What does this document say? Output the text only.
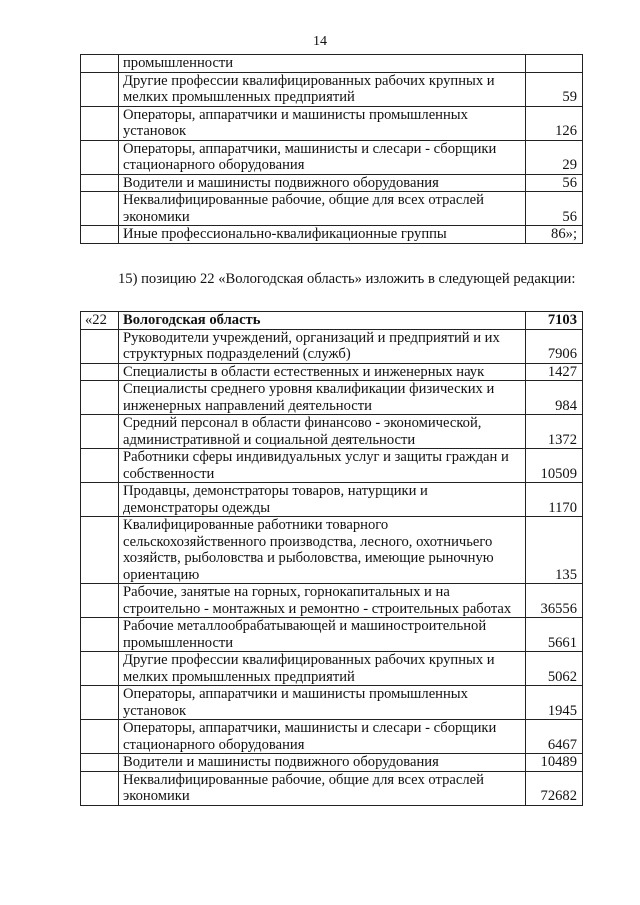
14
	промышленности	
	Другие профессии квалифицированных рабочих крупных и мелких промышленных предприятий	59
	Операторы, аппаратчики и машинисты промышленных установок	126
	Операторы, аппаратчики, машинисты и слесари - сборщики стационарного оборудования	29
	Водители и машинисты подвижного оборудования	56
	Неквалифицированные рабочие, общие для всех отраслей экономики	56
	Иные профессионально-квалификационные группы	86»;
15) позицию 22 «Вологодская область» изложить в следующей редакции:
«22	Вологодская область	7103
	Руководители учреждений, организаций и предприятий и их структурных подразделений (служб)	7906
	Специалисты в области естественных и инженерных наук	1427
	Специалисты среднего уровня квалификации физических и инженерных направлений деятельности	984
	Средний персонал в области финансово - экономической, административной и социальной деятельности	1372
	Работники сферы индивидуальных услуг и защиты граждан и собственности	10509
	Продавцы, демонстраторы товаров, натурщики и демонстраторы одежды	1170
	Квалифицированные работники товарного сельскохозяйственного производства, лесного, охотничьего хозяйств, рыболовства и рыболовства, имеющие рыночную ориентацию	135
	Рабочие, занятые на горных, горнокапитальных и на строительно - монтажных и ремонтно - строительных работах	36556
	Рабочие металлообрабатывающей и машиностроительной промышленности	5661
	Другие профессии квалифицированных рабочих крупных и мелких промышленных предприятий	5062
	Операторы, аппаратчики и машинисты промышленных установок	1945
	Операторы, аппаратчики, машинисты и слесари - сборщики стационарного оборудования	6467
	Водители и машинисты подвижного оборудования	10489
	Неквалифицированные рабочие, общие для всех отраслей экономики	72682
